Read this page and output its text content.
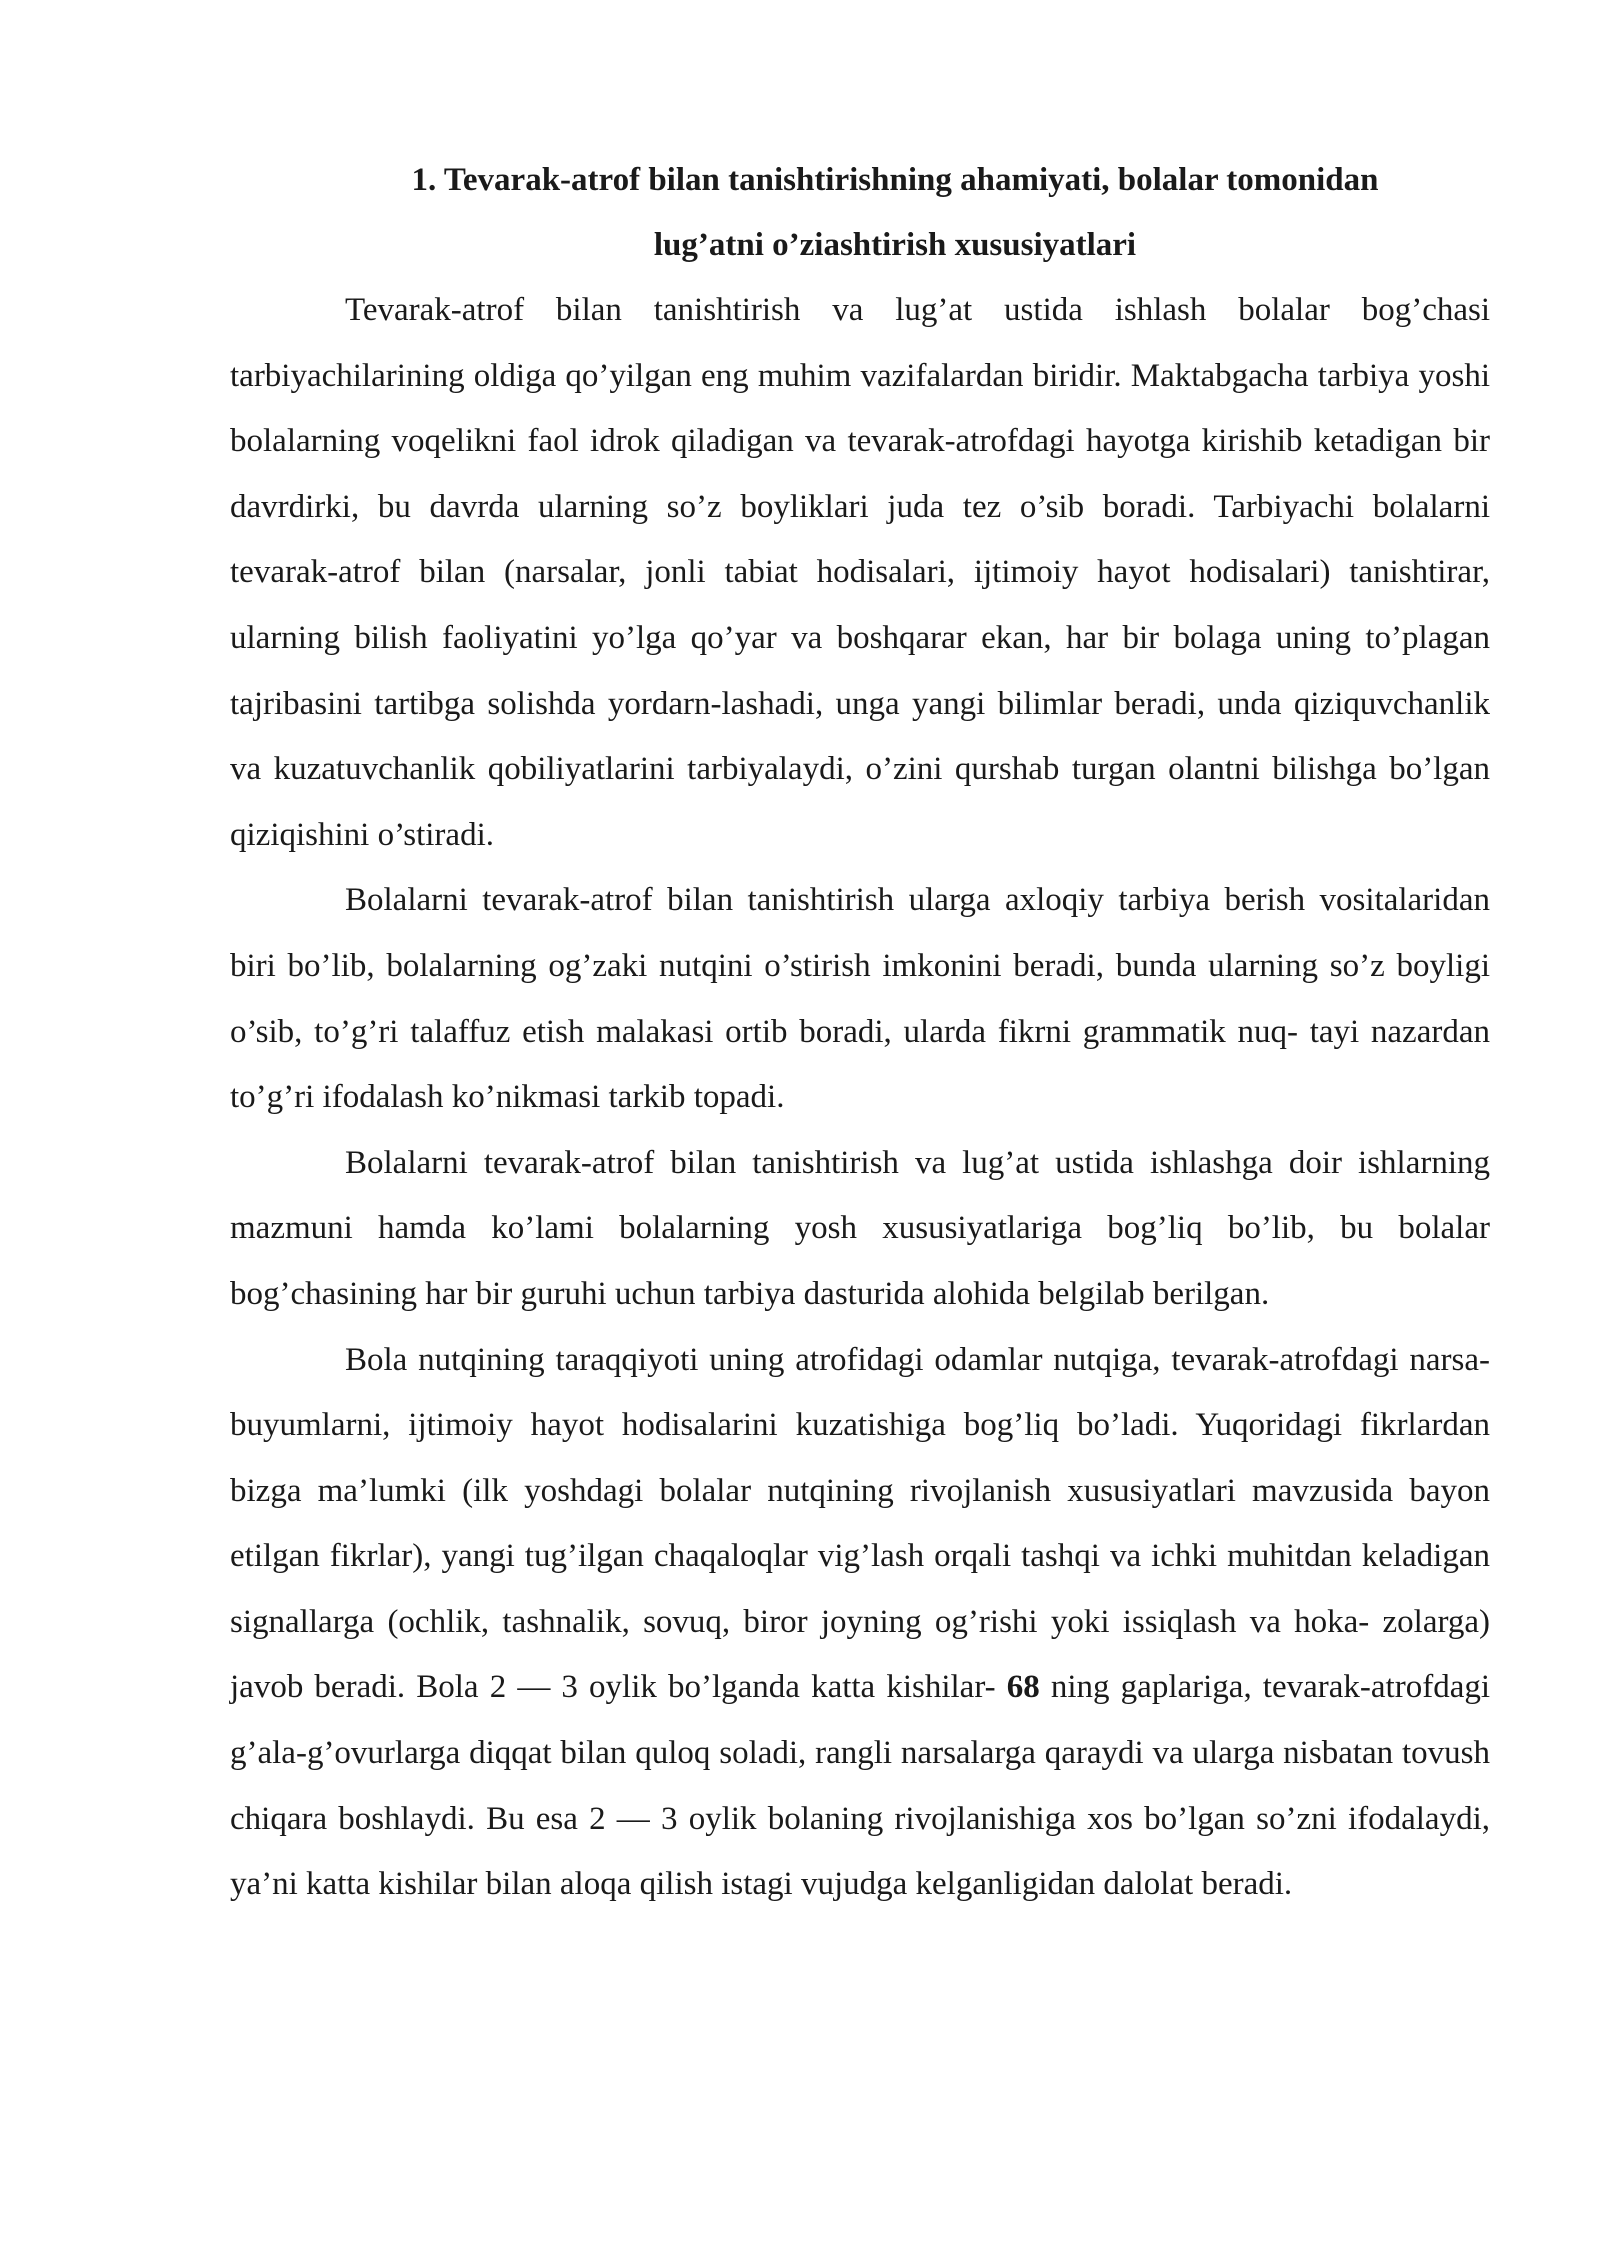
1. Tevarak-atrof bilan tanishtirishning ahamiyati, bolalar tomonidan
lug’atni o’ziashtirish xususiyatlari

Tevarak-atrof bilan tanishtirish va lug’at ustida ishlash bolalar bog’chasi tarbiyachilarining oldiga qo’yilgan eng muhim vazifalardan biridir. Maktabgacha tarbiya yoshi bolalarning voqelikni faol idrok qiladigan va tevarak-atrofdagi hayotga kirishib ketadigan bir davrdirki, bu davrda ularning so’z boyliklari juda tez o’sib boradi. Tarbiyachi bolalarni tevarak-atrof bilan (narsalar, jonli tabiat hodisalari, ijtimoiy hayot hodisalari) tanishtirar, ularning bilish faoliyatini yo’lga qo’yar va boshqarar ekan, har bir bolaga uning to’plagan tajribasini tartibga solishda yordarn-lashadi, unga yangi bilimlar beradi, unda qiziquvchanlik va kuzatuvchanlik qobiliyatlarini tarbiyalaydi, o’zini qurshab turgan olantni bilishga bo’lgan qiziqishini o’stiradi.

Bolalarni tevarak-atrof bilan tanishtirish ularga axloqiy tarbiya berish vositalaridan biri bo’lib, bolalarning og’zaki nutqini o’stirish imkonini beradi, bunda ularning so’z boyligi o’sib, to’g’ri talaffuz etish malakasi ortib boradi, ularda fikrni grammatik nuq- tayi nazardan to’g’ri ifodalash ko’nikmasi tarkib topadi.

Bolalarni tevarak-atrof bilan tanishtirish va lug’at ustida ishlashga doir ishlarning mazmuni hamda ko’lami bolalarning yosh xususiyatlariga bog’liq bo’lib, bu bolalar bog’chasining har bir guruhi uchun tarbiya dasturida alohida belgilab berilgan.

Bola nutqining taraqqiyoti uning atrofidagi odamlar nutqiga, tevarak-atrofdagi narsa-buyumlarni, ijtimoiy hayot hodisalarini kuzatishiga bog’liq bo’ladi. Yuqoridagi fikrlardan bizga ma’lumki (ilk yoshdagi bolalar nutqining rivojlanish xususiyatlari mavzusida bayon etilgan fikrlar), yangi tug’ilgan chaqaloqlar vig’lash orqali tashqi va ichki muhitdan keladigan signallarga (ochlik, tashnalik, sovuq, biror joyning og’rishi yoki issiqlash va hoka- zolarga) javob beradi. Bola 2 — 3 oylik bo’lganda katta kishilar- 68 ning gaplariga, tevarak-atrofdagi g’ala-g’ovurlarga diqqat bilan quloq soladi, rangli narsalarga qaraydi va ularga nisbatan tovush chiqara boshlaydi. Bu esa 2 — 3 oylik bolaning rivojlanishiga xos bo’lgan so’zni ifodalaydi, ya’ni katta kishilar bilan aloqa qilish istagi vujudga kelganligidan dalolat beradi.
